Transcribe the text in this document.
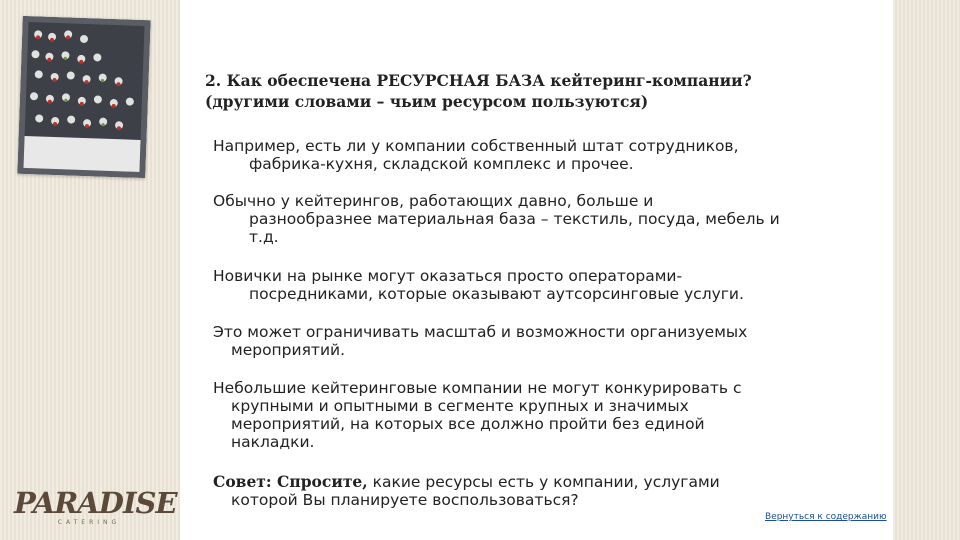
PARADISE
CATERING
2. Как обеспечена РЕСУРСНАЯ БАЗА кейтеринг-компании?
(другими словами – чьим ресурсом пользуются)
Например, есть ли у компании собственный штат сотрудников,
фабрика-кухня, складской комплекс и прочее.
Обычно у кейтерингов, работающих давно, больше и
разнообразнее материальная база – текстиль, посуда, мебель и
т.д.
Новички на рынке могут оказаться просто операторами-
посредниками, которые оказывают аутсорсинговые услуги.
Это может ограничивать масштаб и возможности организуемых
мероприятий.
Небольшие кейтеринговые компании не могут конкурировать с
крупными и опытными в сегменте крупных и значимых
мероприятий, на которых все должно пройти без единой
накладки.
Совет: Спросите, какие ресурсы есть у компании, услугами
которой Вы планируете воспользоваться?
Вернуться к содержанию
